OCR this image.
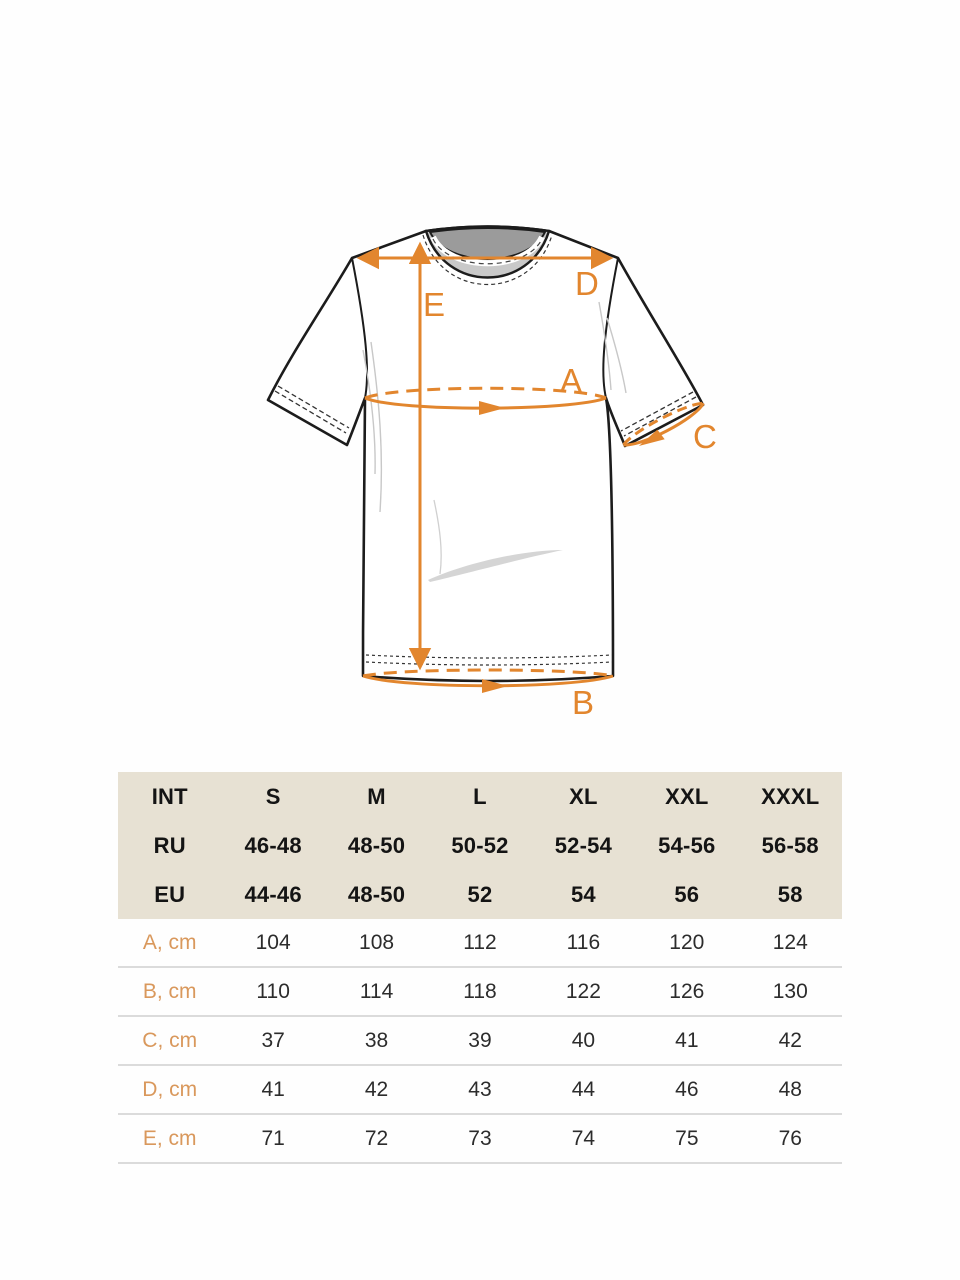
D
E
A
C
B
INT	S	M	L	XL	XXL	XXXL
RU	46-48	48-50	50-52	52-54	54-56	56-58
EU	44-46	48-50	52	54	56	58
A, cm	104	108	112	116	120	124
B, cm	110	114	118	122	126	130
C, cm	37	38	39	40	41	42
D, cm	41	42	43	44	46	48
E, cm	71	72	73	74	75	76
